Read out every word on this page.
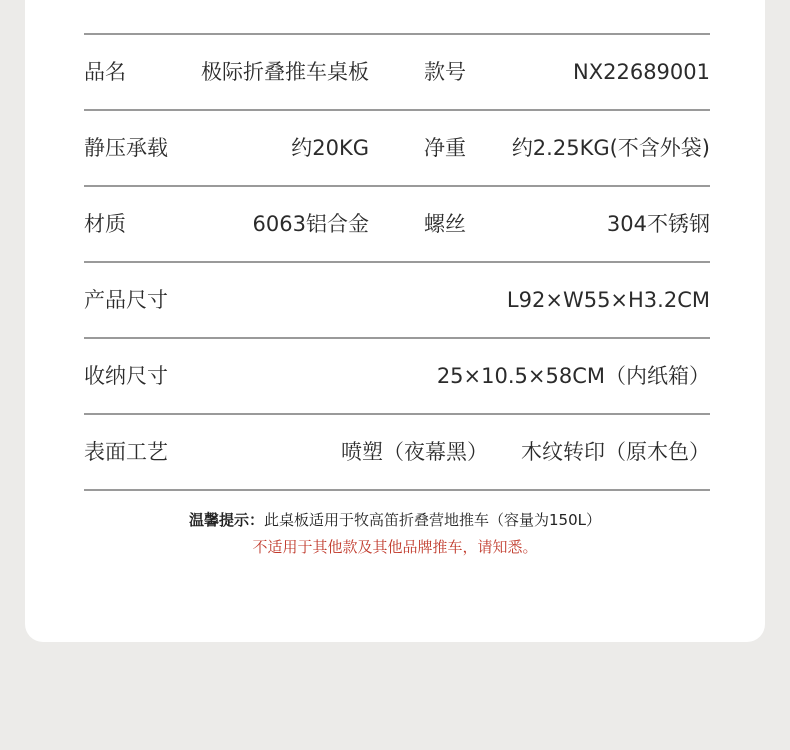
品名	极际折叠推车桌板	款号	NX22689001
静压承载	约20KG	净重 约2.25KG(不含外袋)
材质	6063铝合金	螺丝	304不锈钢
产品尺寸	L92×W55×H3.2CM
收纳尺寸	25×10.5×58CM（内纸箱）
表面工艺	喷塑（夜幕黑） 木纹转印（原木色）
温馨提示：此桌板适用于牧高笛折叠营地推车（容量为150L）
不适用于其他款及其他品牌推车，请知悉。
